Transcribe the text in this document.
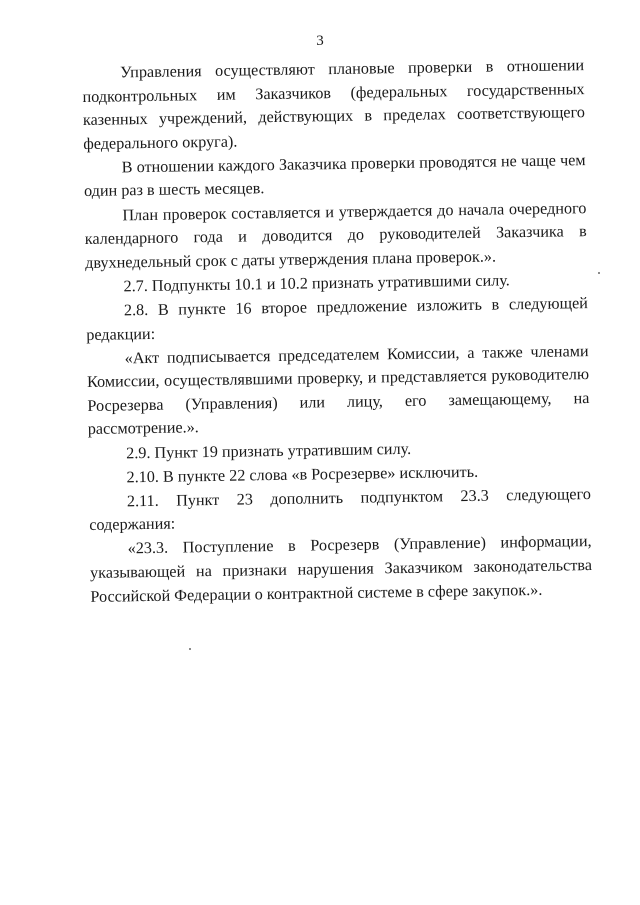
3

Управления осуществляют плановые проверки в отношении подконтрольных им Заказчиков (федеральных государственных казенных учреждений, действующих в пределах соответствующего федерального округа).

В отношении каждого Заказчика проверки проводятся не чаще чем один раз в шесть месяцев.

План проверок составляется и утверждается до начала очередного календарного года и доводится до руководителей Заказчика в двухнедельный срок с даты утверждения плана проверок.».

2.7. Подпункты 10.1 и 10.2 признать утратившими силу.

2.8. В пункте 16 второе предложение изложить в следующей редакции:

«Акт подписывается председателем Комиссии, а также членами Комиссии, осуществлявшими проверку, и представляется руководителю Росрезерва (Управления) или лицу, его замещающему, на рассмотрение.».

2.9. Пункт 19 признать утратившим силу.

2.10. В пункте 22 слова «в Росрезерве» исключить.

2.11. Пункт 23 дополнить подпунктом 23.3 следующего содержания:

«23.3. Поступление в Росрезерв (Управление) информации, указывающей на признаки нарушения Заказчиком законодательства Российской Федерации о контрактной системе в сфере закупок.».
